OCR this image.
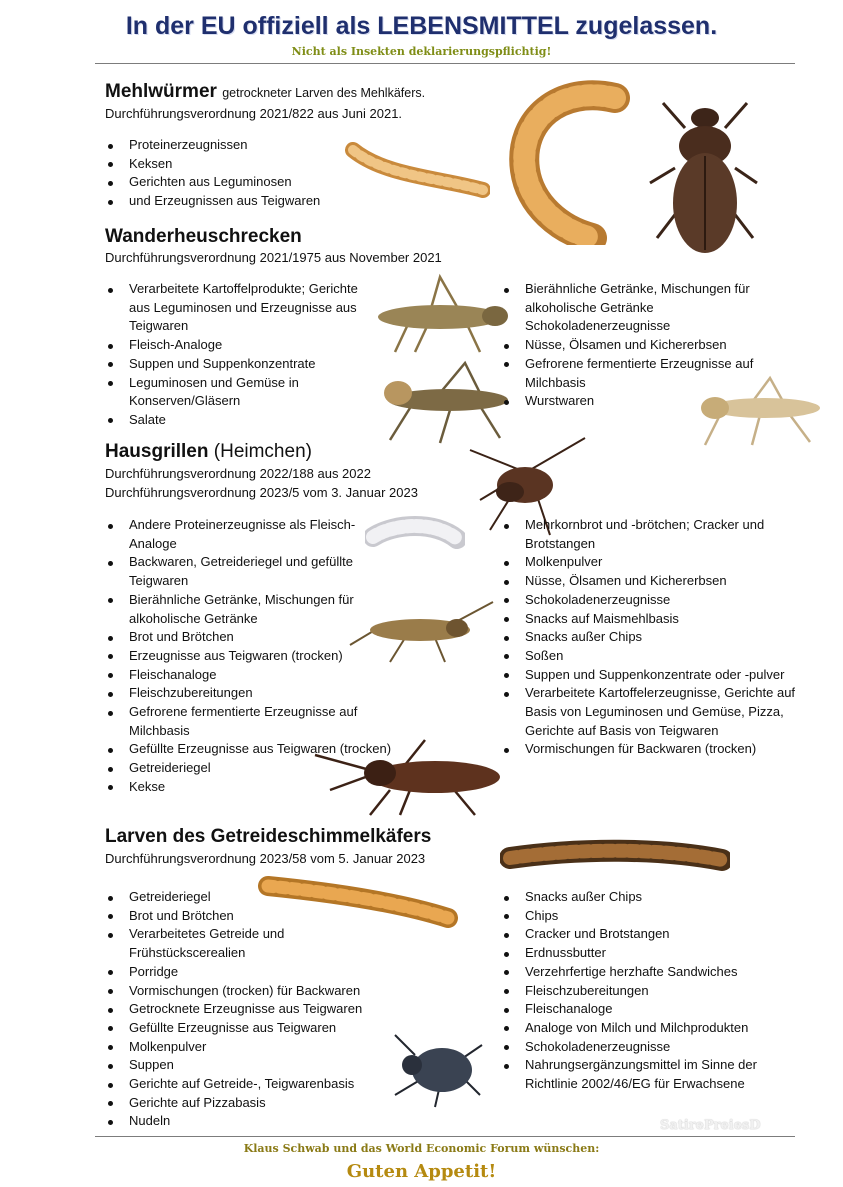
In der EU offiziell als LEBENSMITTEL zugelassen.
Nicht als Insekten deklarierungspflichtig!
Mehlwürmer getrockneter Larven des Mehlkäfers.
Durchführungsverordnung 2021/822 aus Juni 2021.
Proteinerzeugnissen
Keksen
Gerichten aus Leguminosen
und Erzeugnissen aus Teigwaren
Wanderheuschrecken
Durchführungsverordnung 2021/1975 aus November 2021
Verarbeitete Kartoffelprodukte; Gerichte aus Leguminosen und Erzeugnisse aus Teigwaren
Fleisch-Analoge
Suppen und Suppenkonzentrate
Leguminosen und Gemüse in Konserven/Gläsern
Salate
Bierähnliche Getränke, Mischungen für alkoholische Getränke Schokoladenerzeugnisse
Nüsse, Ölsamen und Kichererbsen
Gefrorene fermentierte Erzeugnisse auf Milchbasis
Wurstwaren
Hausgrillen (Heimchen)
Durchführungsverordnung 2022/188 aus 2022
Durchführungsverordnung 2023/5 vom 3. Januar 2023
Andere Proteinerzeugnisse als Fleisch-Analoge
Backwaren, Getreideriegel und gefüllte Teigwaren
Bierähnliche Getränke, Mischungen für alkoholische Getränke
Brot und Brötchen
Erzeugnisse aus Teigwaren (trocken)
Fleischanaloge
Fleischzubereitungen
Gefrorene fermentierte Erzeugnisse auf Milchbasis
Gefüllte Erzeugnisse aus Teigwaren (trocken)
Getreideriegel
Kekse
Mehrkornbrot und -brötchen; Cracker und Brotstangen
Molkenpulver
Nüsse, Ölsamen und Kichererbsen
Schokoladenerzeugnisse
Snacks auf Maismehlbasis
Snacks außer Chips
Soßen
Suppen und Suppenkonzentrate oder -pulver
Verarbeitete Kartoffelerzeugnisse, Gerichte auf Basis von Leguminosen und Gemüse, Pizza, Gerichte auf Basis von Teigwaren
Vormischungen für Backwaren (trocken)
Larven des Getreideschimmelkäfers
Durchführungsverordnung 2023/58 vom 5. Januar 2023
Getreideriegel
Brot und Brötchen
Verarbeitetes Getreide und Frühstückscerealien
Porridge
Vormischungen (trocken) für Backwaren
Getrocknete Erzeugnisse aus Teigwaren
Gefüllte Erzeugnisse aus Teigwaren
Molkenpulver
Suppen
Gerichte auf Getreide-, Teigwarenbasis
Gerichte auf Pizzabasis
Nudeln
Snacks außer Chips
Chips
Cracker und Brotstangen
Erdnussbutter
Verzehrfertige herzhafte Sandwiches
Fleischzubereitungen
Fleischanaloge
Analoge von Milch und Milchprodukten
Schokoladenerzeugnisse
Nahrungsergänzungsmittel im Sinne der Richtlinie 2002/46/EG für Erwachsene
SatirePreiesD
Klaus Schwab und das World Economic Forum wünschen:
Guten Appetit!
